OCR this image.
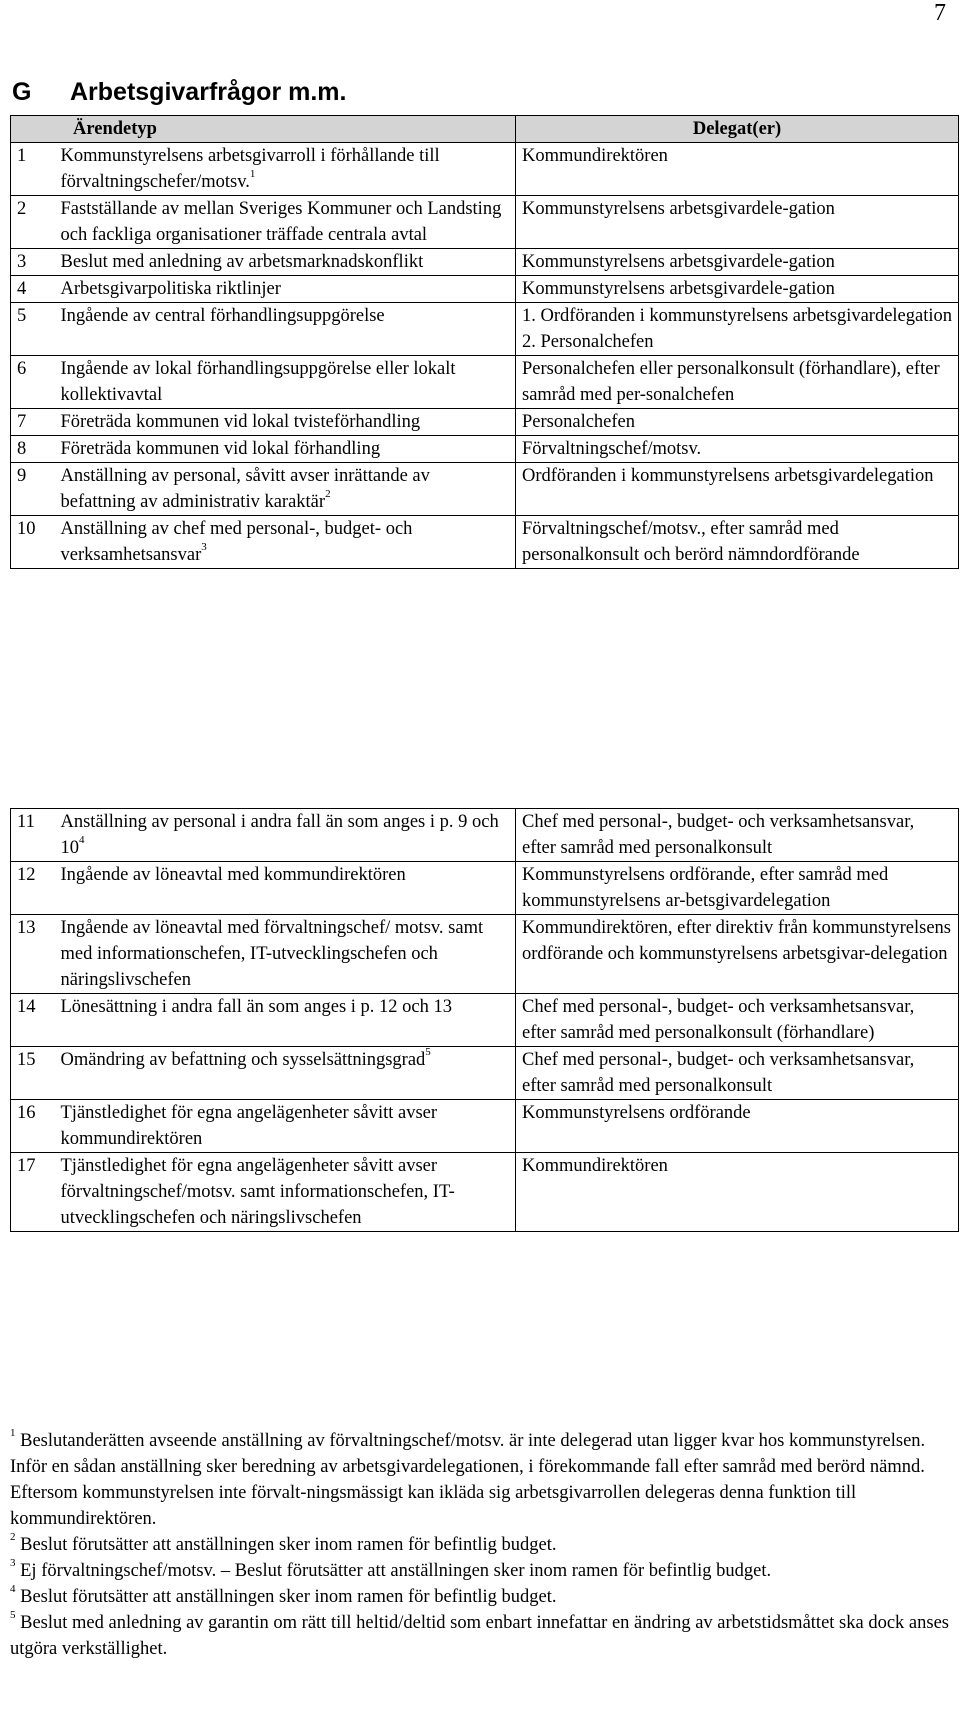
7
G Arbetsgivarfrågor m.m.
Ärendetyp		Delegat(er)
1	Kommunstyrelsens arbetsgivarroll i förhållande till förvaltningschefer/motsv.$^1$	Kommundirektören

2	Fastställande av mellan Sveriges Kommuner och Landsting och fackliga organisationer träffade centrala avtal	Kommunstyrelsens arbetsgivardele-gation

3	Beslut med anledning av arbetsmarknadskonflikt	Kommunstyrelsens arbetsgivardele-gation

4	Arbetsgivarpolitiska riktlinjer	Kommunstyrelsens arbetsgivardele-gation

5	Ingående av central förhandlingsuppgörelse	1. Ordföranden i kommunstyrelsens arbetsgivardelegation
2. Personalchefen

6	Ingående av lokal förhandlingsuppgörelse eller lokalt kollektivavtal	Personalchefen eller personalkonsult (förhandlare), efter samråd med per-sonalchefen

7	Företräda kommunen vid lokal tvisteförhandling	Personalchefen

8	Företräda kommunen vid lokal förhandling	Förvaltningschef/motsv.

9	Anställning av personal, såvitt avser inrättande av befattning av administrativ karaktär$^2$	Ordföranden i kommunstyrelsens arbetsgivardelegation

10	Anställning av chef med personal-, budget- och verksamhetsansvar$^3$	Förvaltningschef/motsv., efter samråd med personalkonsult och berörd nämndordförande
11	Anställning av personal i andra fall än som anges i p. 9 och $10^4$	Chef med personal-, budget- och verksamhetsansvar, efter samråd med personalkonsult

12	Ingående av löneavtal med kommundirektören	Kommunstyrelsens ordförande, efter samråd med kommunstyrelsens ar-betsgivardelegation

13	Ingående av löneavtal med förvaltningschef/ motsv. samt med informationschefen, IT-utvecklingschefen och näringslivschefen	Kommundirektören, efter direktiv från kommunstyrelsens ordförande och kommunstyrelsens arbetsgivar-delegation

14	Lönesättning i andra fall än som anges i p. 12 och 13	Chef med personal-, budget- och verksamhetsansvar, efter samråd med personalkonsult (förhandlare)

15	Omändring av befattning och sysselsättningsgrad$^5$	Chef med personal-, budget- och verksamhetsansvar, efter samråd med personalkonsult

16	Tjänstledighet för egna angelägenheter såvitt avser kommundirektören	Kommunstyrelsens ordförande

17	Tjänstledighet för egna angelägenheter såvitt avser förvaltningschef/motsv. samt informationschefen, IT-utvecklingschefen och näringslivschefen	Kommundirektören

$^1$ Beslutanderätten avseende anställning av förvaltningschef/motsv. är inte delegerad utan ligger kvar hos kommunstyrelsen. Inför en sådan anställning sker beredning av arbetsgivardelegationen, i förekommande fall efter samråd med berörd nämnd. Eftersom kommunstyrelsen inte förvalt-ningsmässigt kan ikläda sig arbetsgivarrollen delegeras denna funktion till kommundirektören.

$^2$ Beslut förutsätter att anställningen sker inom ramen för befintlig budget.

$^3$ Ej förvaltningschef/motsv. – Beslut förutsätter att anställningen sker inom ramen för befintlig budget.

$^4$ Beslut förutsätter att anställningen sker inom ramen för befintlig budget.

$^5$ Beslut med anledning av garantin om rätt till heltid/deltid som enbart innefattar en ändring av arbetstidsmåttet ska dock anses utgöra verkställighet.
